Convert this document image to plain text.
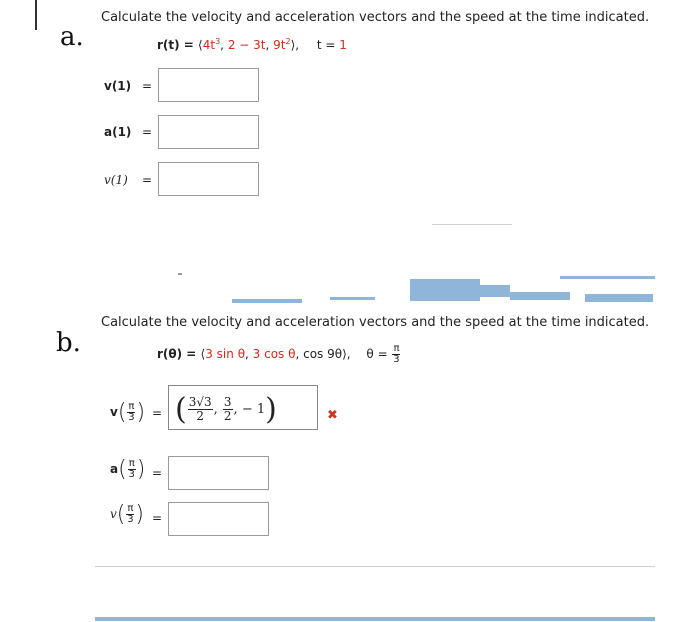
a.
Calculate the velocity and acceleration vectors and the speed at the time indicated.
$r(t) = ⟨4t^3$, 2 − 3t, $9t^2⟩$, t = 1
v(1) =
a(1) =
v(1) =
b.
Calculate the velocity and acceleration vectors and the speed at the time indicated.
r(θ) = ⟨3 sin θ, 3 cos θ, cos 9θ⟩, $\theta = \frac{\pi}{3}$
$v( \frac{\pi}{3}$ ) = ( $\frac{3√3}{2}$ , $\frac{3}{2}$ , − 1)	✖
$a( \frac{\pi}{3}$ ) =
$v( \frac{\pi}{3}$ ) =
